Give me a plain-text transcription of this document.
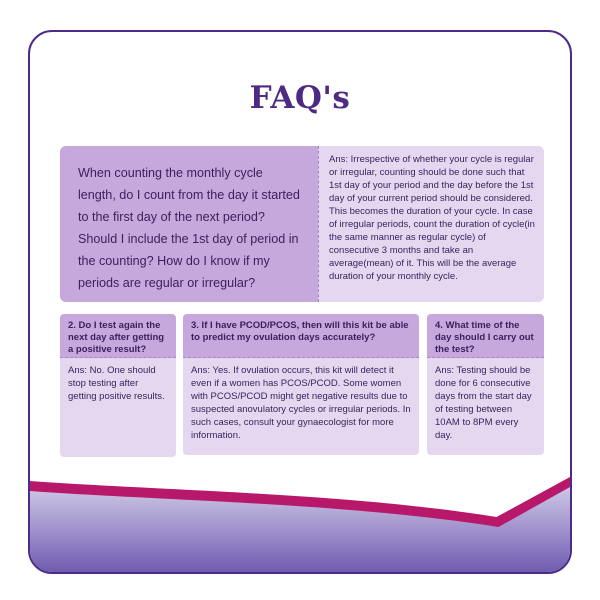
FAQ's
When counting the monthly cycle length, do I count from the day it started to the first day of the next period? Should I include the 1st day of period in the counting? How do I know if my periods are regular or irregular?
Ans: Irrespective of whether your cycle is regular or irregular, counting should be done such that 1st day of your period and the day before the 1st day of your current period should be considered. This becomes the duration of your cycle. In case of irregular periods, count the duration of cycle(in the same manner as regular cycle) of consecutive 3 months and take an average(mean) of it. This will be the average duration of your monthly cycle.
2. Do I test again the next day after getting a positive result?
Ans: No. One should stop testing after getting positive results.
3. If I have PCOD/PCOS, then will this kit be able to predict my ovulation days accurately?
Ans: Yes. If ovulation occurs, this kit will detect it even if a women has PCOS/PCOD. Some women with PCOS/PCOD might get negative results due to suspected anovulatory cycles or irregular periods. In such cases, consult your gynaecologist for more information.
4. What time of the day should I carry out the test?
Ans: Testing should be done for 6 consecutive days from the start day of testing between 10AM to 8PM every day.
